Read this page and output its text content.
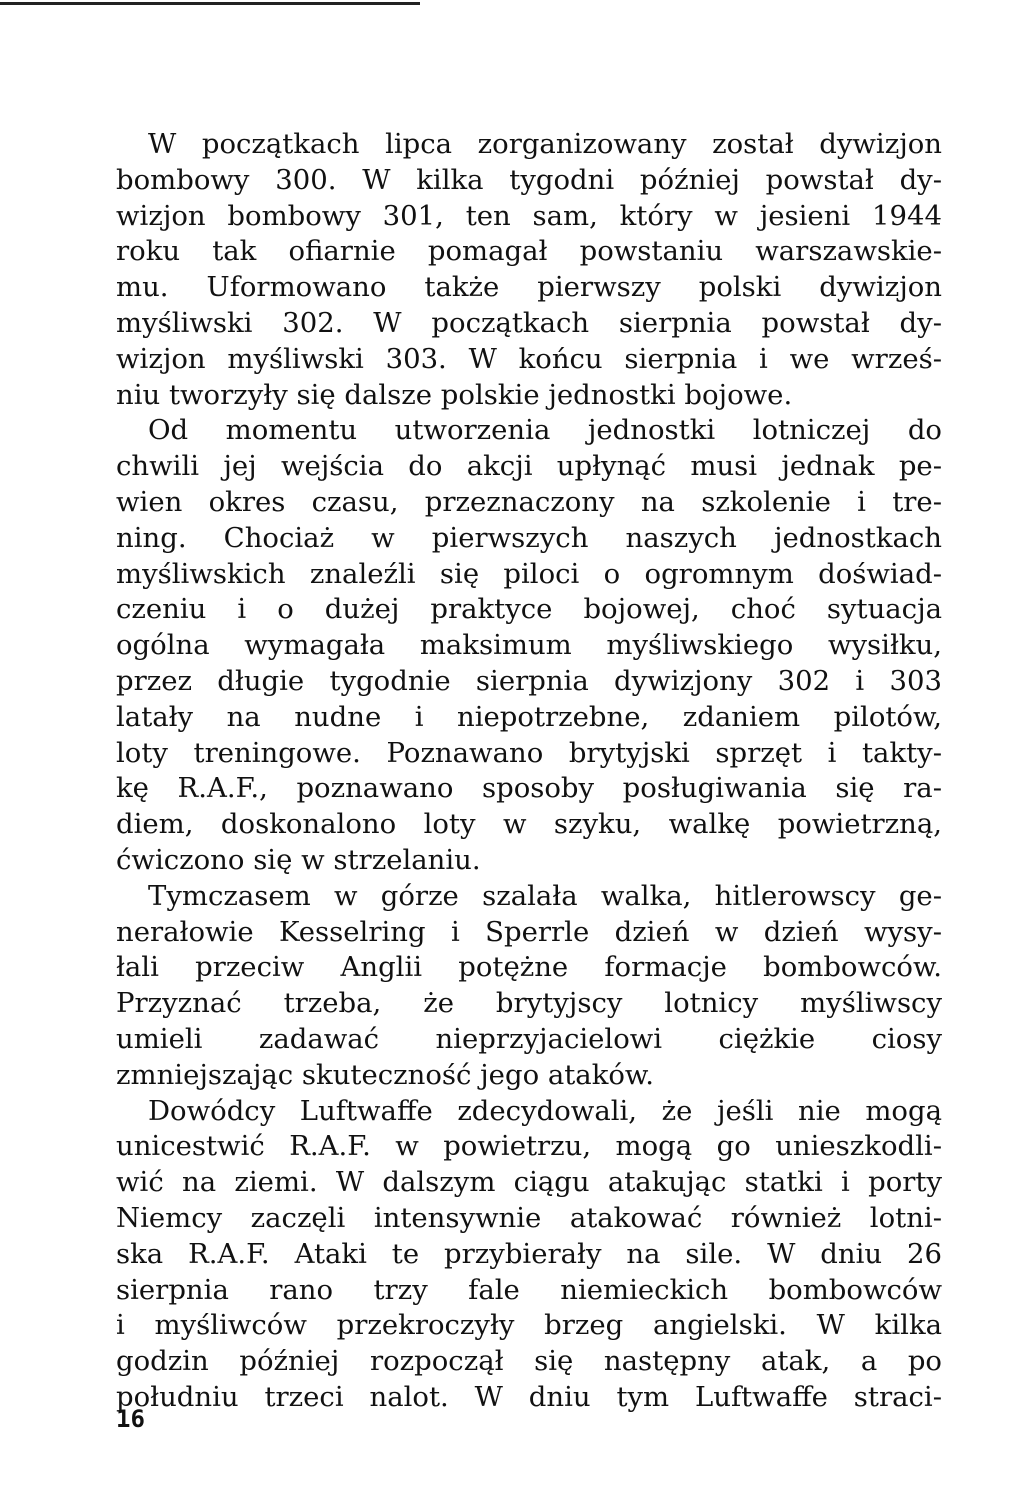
W początkach lipca zorganizowany został dywizjon
bombowy 300. W kilka tygodni później powstał dy-
wizjon bombowy 301, ten sam, który w jesieni 1944
roku tak ofiarnie pomagał powstaniu warszawskie-
mu. Uformowano także pierwszy polski dywizjon
myśliwski 302. W początkach sierpnia powstał dy-
wizjon myśliwski 303. W końcu sierpnia i we wrześ-
niu tworzyły się dalsze polskie jednostki bojowe.
Od momentu utworzenia jednostki lotniczej do
chwili jej wejścia do akcji upłynąć musi jednak pe-
wien okres czasu, przeznaczony na szkolenie i tre-
ning. Chociaż w pierwszych naszych jednostkach
myśliwskich znaleźli się piloci o ogromnym doświad-
czeniu i o dużej praktyce bojowej, choć sytuacja
ogólna wymagała maksimum myśliwskiego wysiłku,
przez długie tygodnie sierpnia dywizjony 302 i 303
latały na nudne i niepotrzebne, zdaniem pilotów,
loty treningowe. Poznawano brytyjski sprzęt i takty-
kę R.A.F., poznawano sposoby posługiwania się ra-
diem, doskonalono loty w szyku, walkę powietrzną,
ćwiczono się w strzelaniu.
Tymczasem w górze szalała walka, hitlerowscy ge-
nerałowie Kesselring i Sperrle dzień w dzień wysy-
łali przeciw Anglii potężne formacje bombowców.
Przyznać trzeba, że brytyjscy lotnicy myśliwscy
umieli zadawać nieprzyjacielowi ciężkie ciosy
zmniejszając skuteczność jego ataków.
Dowódcy Luftwaffe zdecydowali, że jeśli nie mogą
unicestwić R.A.F. w powietrzu, mogą go unieszkodli-
wić na ziemi. W dalszym ciągu atakując statki i porty
Niemcy zaczęli intensywnie atakować również lotni-
ska R.A.F. Ataki te przybierały na sile. W dniu 26
sierpnia rano trzy fale niemieckich bombowców
i myśliwców przekroczyły brzeg angielski. W kilka
godzin później rozpoczął się następny atak, a po
południu trzeci nalot. W dniu tym Luftwaffe straci-
16
